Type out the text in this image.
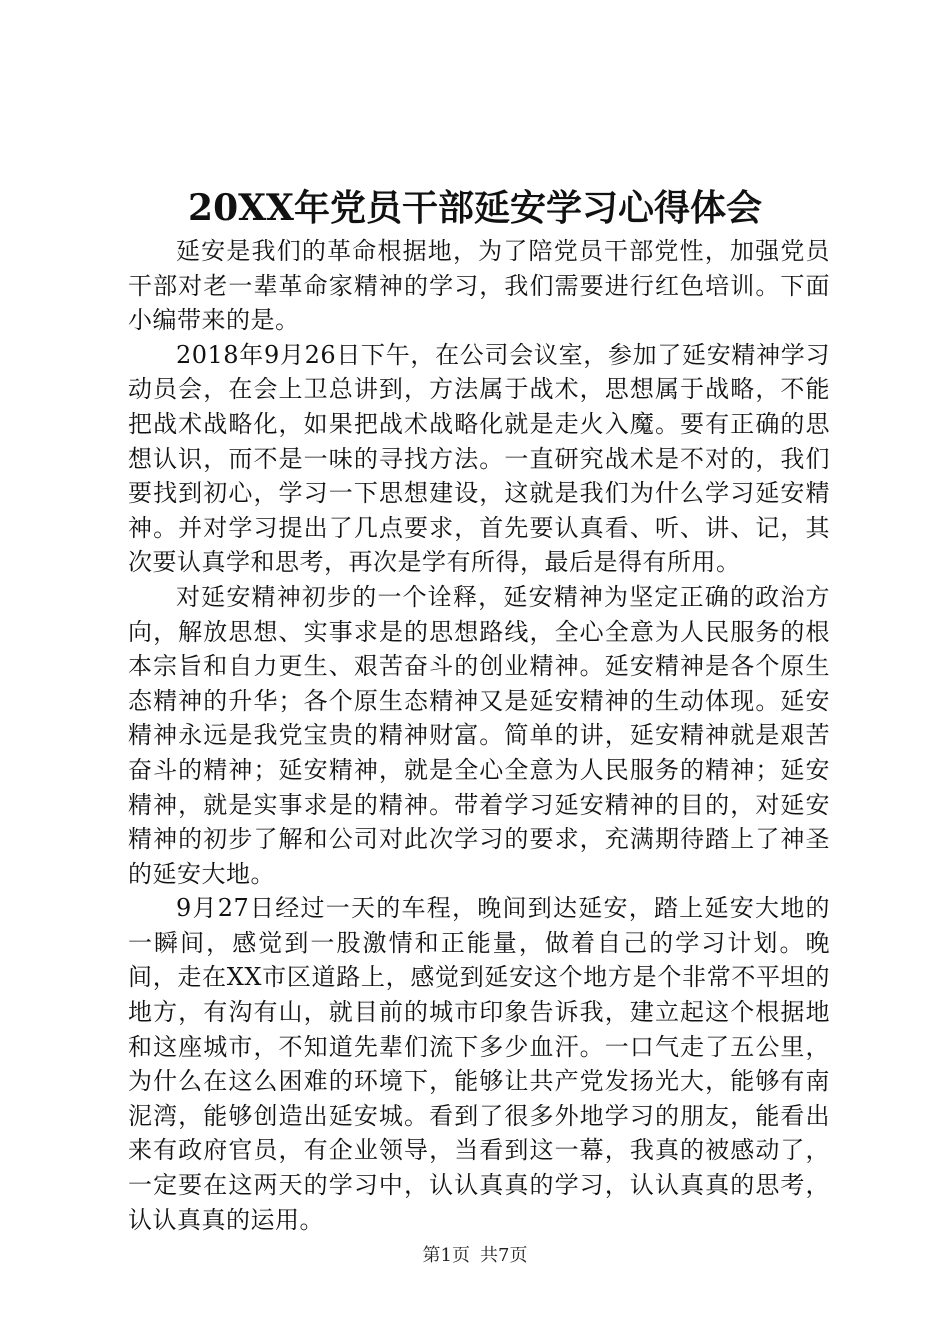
20XX年党员干部延安学习心得体会

延安是我们的革命根据地，为了陪党员干部党性，加强党员干部对老一辈革命家精神的学习，我们需要进行红色培训。下面小编带来的是。

2018年9月26日下午，在公司会议室，参加了延安精神学习动员会，在会上卫总讲到，方法属于战术，思想属于战略，不能把战术战略化，如果把战术战略化就是走火入魔。要有正确的思想认识，而不是一味的寻找方法。一直研究战术是不对的，我们要找到初心，学习一下思想建设，这就是我们为什么学习延安精神。并对学习提出了几点要求，首先要认真看、听、讲、记，其次要认真学和思考，再次是学有所得，最后是得有所用。

对延安精神初步的一个诠释，延安精神为坚定正确的政治方向，解放思想、实事求是的思想路线，全心全意为人民服务的根本宗旨和自力更生、艰苦奋斗的创业精神。延安精神是各个原生态精神的升华；各个原生态精神又是延安精神的生动体现。延安精神永远是我党宝贵的精神财富。简单的讲，延安精神就是艰苦奋斗的精神；延安精神，就是全心全意为人民服务的精神；延安精神，就是实事求是的精神。带着学习延安精神的目的，对延安精神的初步了解和公司对此次学习的要求，充满期待踏上了神圣的延安大地。

9月27日经过一天的车程，晚间到达延安，踏上延安大地的一瞬间，感觉到一股激情和正能量，做着自己的学习计划。晚间，走在XX市区道路上，感觉到延安这个地方是个非常不平坦的地方，有沟有山，就目前的城市印象告诉我，建立起这个根据地和这座城市，不知道先辈们流下多少血汗。一口气走了五公里，为什么在这么困难的环境下，能够让共产党发扬光大，能够有南泥湾，能够创造出延安城。看到了很多外地学习的朋友，能看出来有政府官员，有企业领导，当看到这一幕，我真的被感动了，一定要在这两天的学习中，认认真真的学习，认认真真的思考，认认真真的运用。

第1页 共7页
